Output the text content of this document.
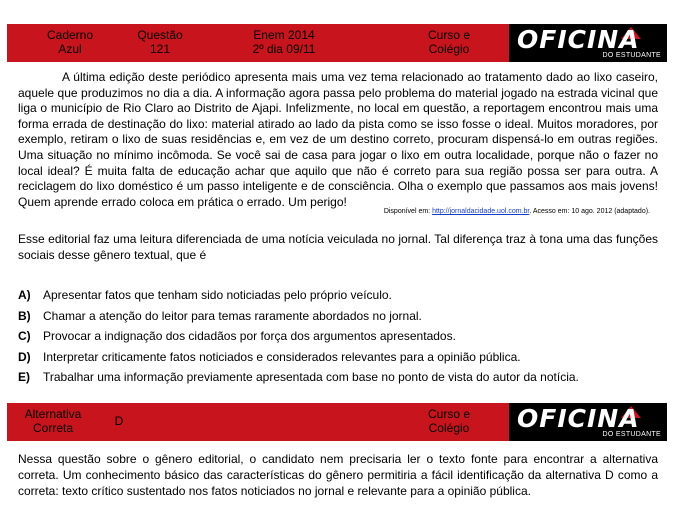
Caderno
Azul
Questão
121
Enem 2014
2º dia 09/11
Curso e
Colégio	OFICINA
DO ESTUDANTE
A última edição deste periódico apresenta mais uma vez tema relacionado ao tratamento dado ao lixo caseiro, aquele que produzimos no dia a dia. A informação agora passa pelo problema do material jogado na estrada vicinal que liga o município de Rio Claro ao Distrito de Ajapi. Infelizmente, no local em questão, a reportagem encontrou mais uma forma errada de destinação do lixo: material atirado ao lado da pista como se isso fosse o ideal. Muitos moradores, por exemplo, retiram o lixo de suas residências e, em vez de um destino correto, procuram dispensá-lo em outras regiões. Uma situação no mínimo incômoda. Se você sai de casa para jogar o lixo em outra localidade, porque não o fazer no local ideal? É muita falta de educação achar que aquilo que não é correto para sua região possa ser para outra. A reciclagem do lixo doméstico é um passo inteligente e de consciência. Olha o exemplo que passamos aos mais jovens! Quem aprende errado coloca em prática o errado. Um perigo!
Disponível em: http://jornaldacidade.uol.com.br. Acesso em: 10 ago. 2012 (adaptado).
Esse editorial faz uma leitura diferenciada de uma notícia veiculada no jornal. Tal diferença traz à tona uma das funções sociais desse gênero textual, que é
A) Apresentar fatos que tenham sido noticiadas pelo próprio veículo.
B) Chamar a atenção do leitor para temas raramente abordados no jornal.
C) Provocar a indignação dos cidadãos por força dos argumentos apresentados.
D) Interpretar criticamente fatos noticiados e considerados relevantes para a opinião pública.
E) Trabalhar uma informação previamente apresentada com base no ponto de vista do autor da notícia.
Alternativa
Correta	D	Curso e
Colégio	OFICINA
DO ESTUDANTE
Nessa questão sobre o gênero editorial, o candidato nem precisaria ler o texto fonte para encontrar a alternativa correta. Um conhecimento básico das características do gênero permitiria a fácil identificação da alternativa D como a correta: texto crítico sustentado nos fatos noticiados no jornal e relevante para a opinião pública.
